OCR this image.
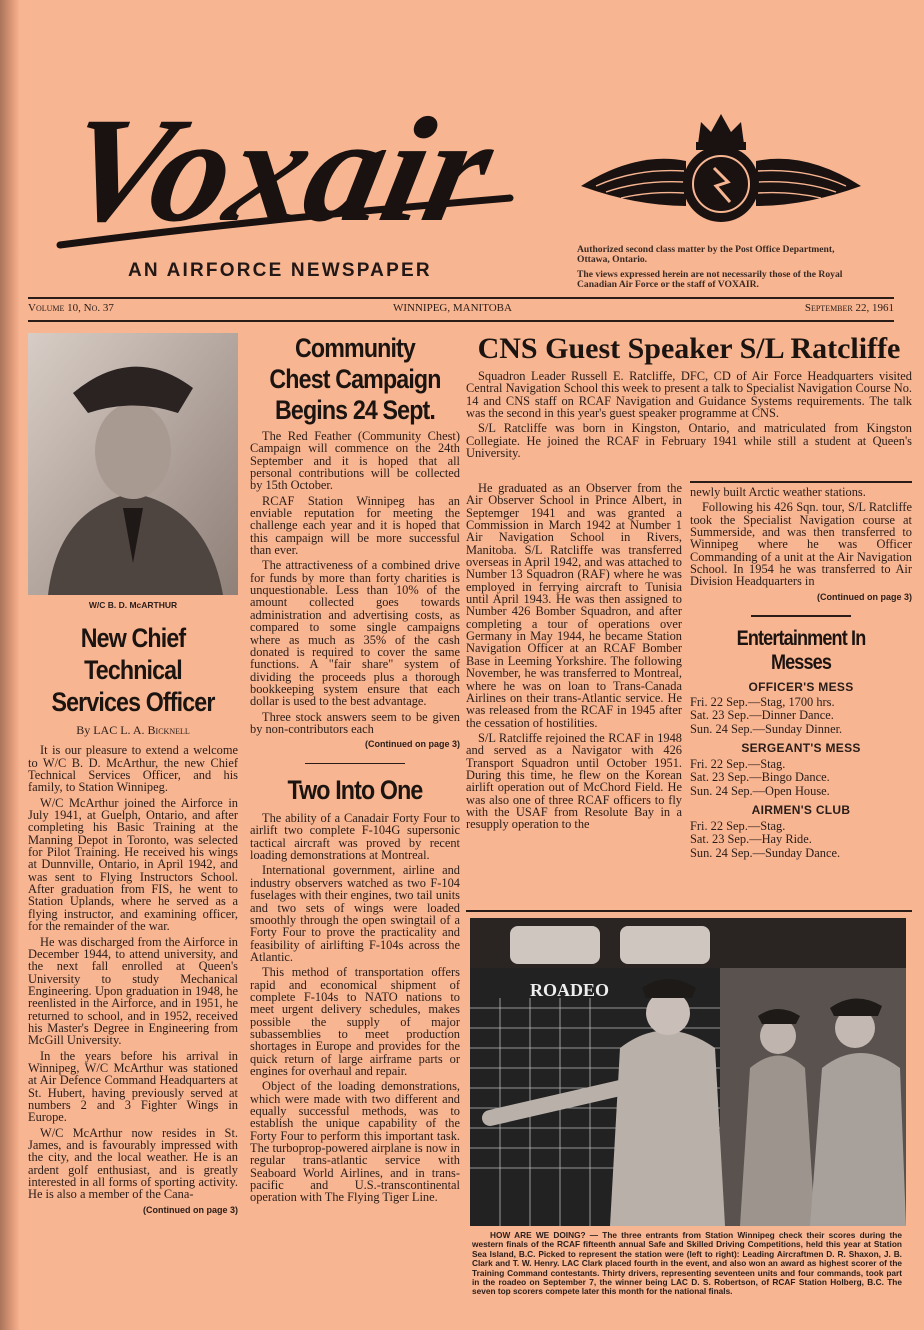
Voxair
AN AIRFORCE NEWSPAPER

Authorized second class matter by the Post Office Department, Ottawa, Ontario.

The views expressed herein are not necessarily those of the Royal Canadian Air Force or the staff of VOXAIR.

Volume 10, No. 37	WINNIPEG, MANITOBA	September 22, 1961
W/C B. D. McARTHUR
New Chief Technical Services Officer
By LAC L. A. Bicknell

It is our pleasure to extend a welcome to W/C B. D. McArthur, the new Chief Technical Services Officer, and his family, to Station Winnipeg.

W/C McArthur joined the Airforce in July 1941, at Guelph, Ontario, and after completing his Basic Training at the Manning Depot in Toronto, was selected for Pilot Training. He received his wings at Dunnville, Ontario, in April 1942, and was sent to Flying Instructors School. After graduation from FIS, he went to Station Uplands, where he served as a flying instructor, and examining officer, for the remainder of the war.

He was discharged from the Airforce in December 1944, to attend university, and the next fall enrolled at Queen's University to study Mechanical Engineering. Upon graduation in 1948, he reenlisted in the Airforce, and in 1951, he returned to school, and in 1952, received his Master's Degree in Engineering from McGill University.

In the years before his arrival in Winnipeg, W/C McArthur was stationed at Air Defence Command Headquarters at St. Hubert, having previously served at numbers 2 and 3 Fighter Wings in Europe.

W/C McArthur now resides in St. James, and is favourably impressed with the city, and the local weather. He is an ardent golf enthusiast, and is greatly interested in all forms of sporting activity. He is also a member of the Cana-

(Continued on page 3)
Community Chest Campaign Begins 24 Sept.

The Red Feather (Community Chest) Campaign will commence on the 24th September and it is hoped that all personal contributions will be collected by 15th October.

RCAF Station Winnipeg has an enviable reputation for meeting the challenge each year and it is hoped that this campaign will be more successful than ever.

The attractiveness of a combined drive for funds by more than forty charities is unquestionable. Less than 10% of the amount collected goes towards administration and advertising costs, as compared to some single campaigns where as much as 35% of the cash donated is required to cover the same functions. A "fair share" system of dividing the proceeds plus a thorough bookkeeping system ensure that each dollar is used to the best advantage.

Three stock answers seem to be given by non-contributors each

(Continued on page 3)
Two Into One

The ability of a Canadair Forty Four to airlift two complete F-104G supersonic tactical aircraft was proved by recent loading demonstrations at Montreal.

International government, airline and industry observers watched as two F-104 fuselages with their engines, two tail units and two sets of wings were loaded smoothly through the open swingtail of a Forty Four to prove the practicality and feasibility of airlifting F-104s across the Atlantic.

This method of transportation offers rapid and economical shipment of complete F-104s to NATO nations to meet urgent delivery schedules, makes possible the supply of major subassemblies to meet production shortages in Europe and provides for the quick return of large airframe parts or engines for overhaul and repair.

Object of the loading demonstrations, which were made with two different and equally successful methods, was to establish the unique capability of the Forty Four to perform this important task. The turboprop-powered airplane is now in regular trans-atlantic service with Seaboard World Airlines, and in trans-pacific and U.S.-transcontinental operation with The Flying Tiger Line.

CNS Guest Speaker S/L Ratcliffe

Squadron Leader Russell E. Ratcliffe, DFC, CD of Air Force Headquarters visited Central Navigation School this week to present a talk to Specialist Navigation Course No. 14 and CNS staff on RCAF Navigation and Guidance Systems requirements. The talk was the second in this year's guest speaker programme at CNS.

S/L Ratcliffe was born in Kingston, Ontario, and matriculated from Kingston Collegiate. He joined the RCAF in February 1941 while still a student at Queen's University.

He graduated as an Observer from the Air Observer School in Prince Albert, in Septemger 1941 and was granted a Commission in March 1942 at Number 1 Air Navigation School in Rivers, Manitoba. S/L Ratcliffe was transferred overseas in April 1942, and was attached to Number 13 Squadron (RAF) where he was employed in ferrying aircraft to Tunisia until April 1943. He was then assigned to Number 426 Bomber Squadron, and after completing a tour of operations over Germany in May 1944, he became Station Navigation Officer at an RCAF Bomber Base in Leeming Yorkshire. The following November, he was transferred to Montreal, where he was on loan to Trans-Canada Airlines on their trans-Atlantic service. He was released from the RCAF in 1945 after the cessation of hostilities.

S/L Ratcliffe rejoined the RCAF in 1948 and served as a Navigator with 426 Transport Squadron until October 1951. During this time, he flew on the Korean airlift operation out of McChord Field. He was also one of three RCAF officers to fly with the USAF from Resolute Bay in a resupply operation to the

newly built Arctic weather stations.

Following his 426 Sqn. tour, S/L Ratcliffe took the Specialist Navigation course at Summerside, and was then transferred to Winnipeg where he was Officer Commanding of a unit at the Air Navigation School. In 1954 he was transferred to Air Division Headquarters in

(Continued on page 3)
Entertainment In Messes
OFFICER'S MESS
Fri. 22 Sep.—Stag, 1700 hrs.
Sat. 23 Sep.—Dinner Dance.
Sun. 24 Sep.—Sunday Dinner.
SERGEANT'S MESS
Fri. 22 Sep.—Stag.
Sat. 23 Sep.—Bingo Dance.
Sun. 24 Sep.—Open House.
AIRMEN'S CLUB
Fri. 22 Sep.—Stag.
Sat. 23 Sep.—Hay Ride.
Sun. 24 Sep.—Sunday Dance.
ROADEO
HOW ARE WE DOING? — The three entrants from Station Winnipeg check their scores during the western finals of the RCAF fifteenth annual Safe and Skilled Driving Competitions, held this year at Station Sea Island, B.C. Picked to represent the station were (left to right): Leading Aircraftmen D. R. Shaxon, J. B. Clark and T. W. Henry. LAC Clark placed fourth in the event, and also won an award as highest scorer of the Training Command contestants. Thirty drivers, representing seventeen units and four commands, took part in the roadeo on September 7, the winner being LAC D. S. Robertson, of RCAF Station Holberg, B.C. The seven top scorers compete later this month for the national finals.
